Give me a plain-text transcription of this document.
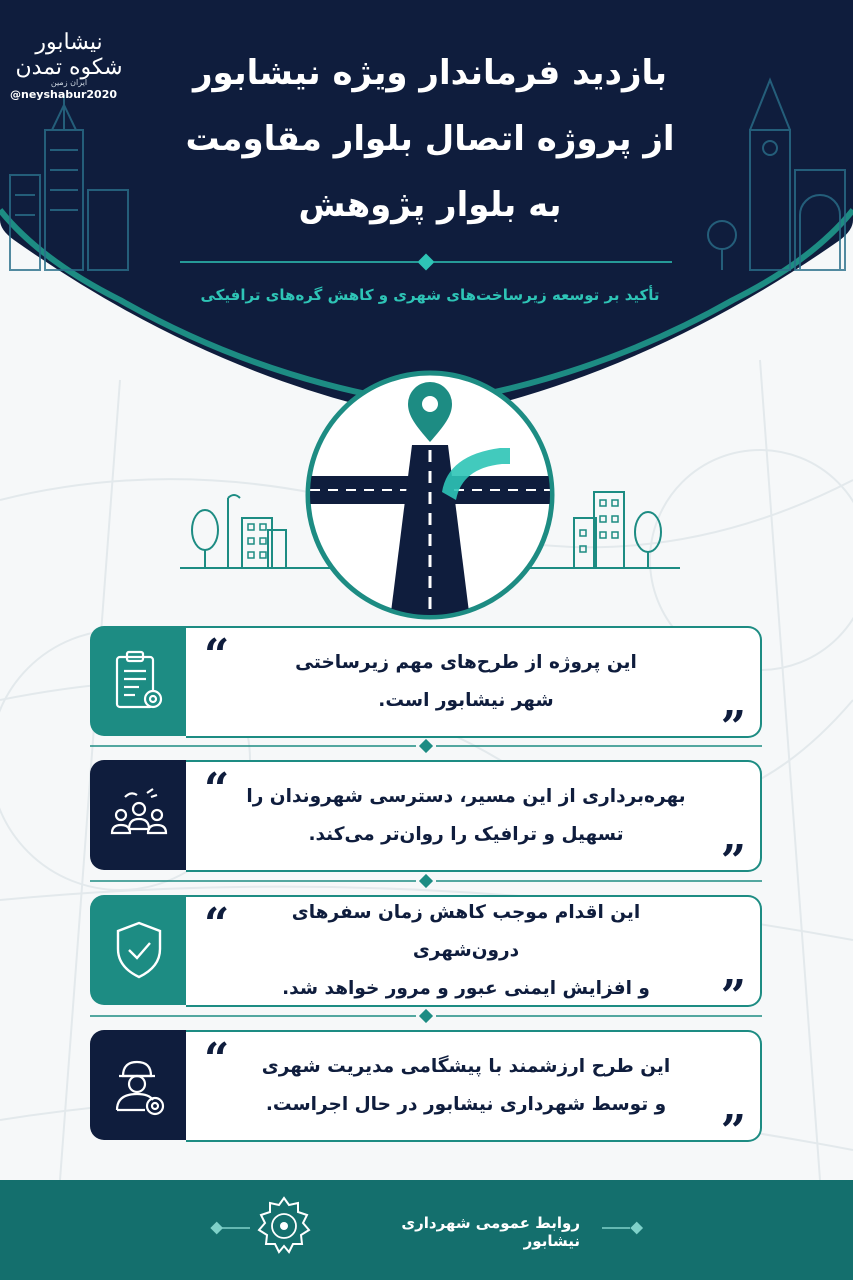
نیشابور شکوه تمدن
ایران زمین
@neyshabur2020
بازدید فرماندار ویژه نیشابور
از پروژه اتصال بلوار مقاومت
به بلوار پژوهش
تأکید بر توسعه زیرساخت‌های شهری و کاهش گره‌های ترافیکی
“	این پروژه از طرح‌های مهم زیرساختی
شهر نیشابور است.
”
“ بهره‌برداری از این مسیر، دسترسی شهروندان را
تسهیل و ترافیک را روان‌تر می‌کند.
”
“	این اقدام موجب کاهش زمان سفرهای درون‌شهری
و افزایش ایمنی عبور و مرور خواهد شد.	”
“ این طرح ارزشمند با پیشگامی مدیریت شهری
و توسط شهرداری نیشابور در حال اجراست.
”
روابط عمومی شهرداری نیشابور
